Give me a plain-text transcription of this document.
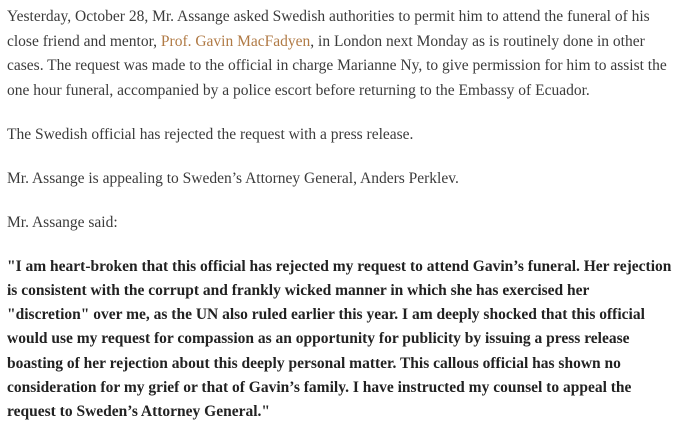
Yesterday, October 28, Mr. Assange asked Swedish authorities to permit him to attend the funeral of his close friend and mentor, Prof. Gavin MacFadyen, in London next Monday as is routinely done in other cases. The request was made to the official in charge Marianne Ny, to give permission for him to assist the one hour funeral, accompanied by a police escort before returning to the Embassy of Ecuador.

The Swedish official has rejected the request with a press release.

Mr. Assange is appealing to Sweden’s Attorney General, Anders Perklev.

Mr. Assange said:

"I am heart-broken that this official has rejected my request to attend Gavin’s funeral. Her rejection is consistent with the corrupt and frankly wicked manner in which she has exercised her "discretion" over me, as the UN also ruled earlier this year. I am deeply shocked that this official would use my request for compassion as an opportunity for publicity by issuing a press release boasting of her rejection about this deeply personal matter. This callous official has shown no consideration for my grief or that of Gavin’s family. I have instructed my counsel to appeal the request to Sweden’s Attorney General."
